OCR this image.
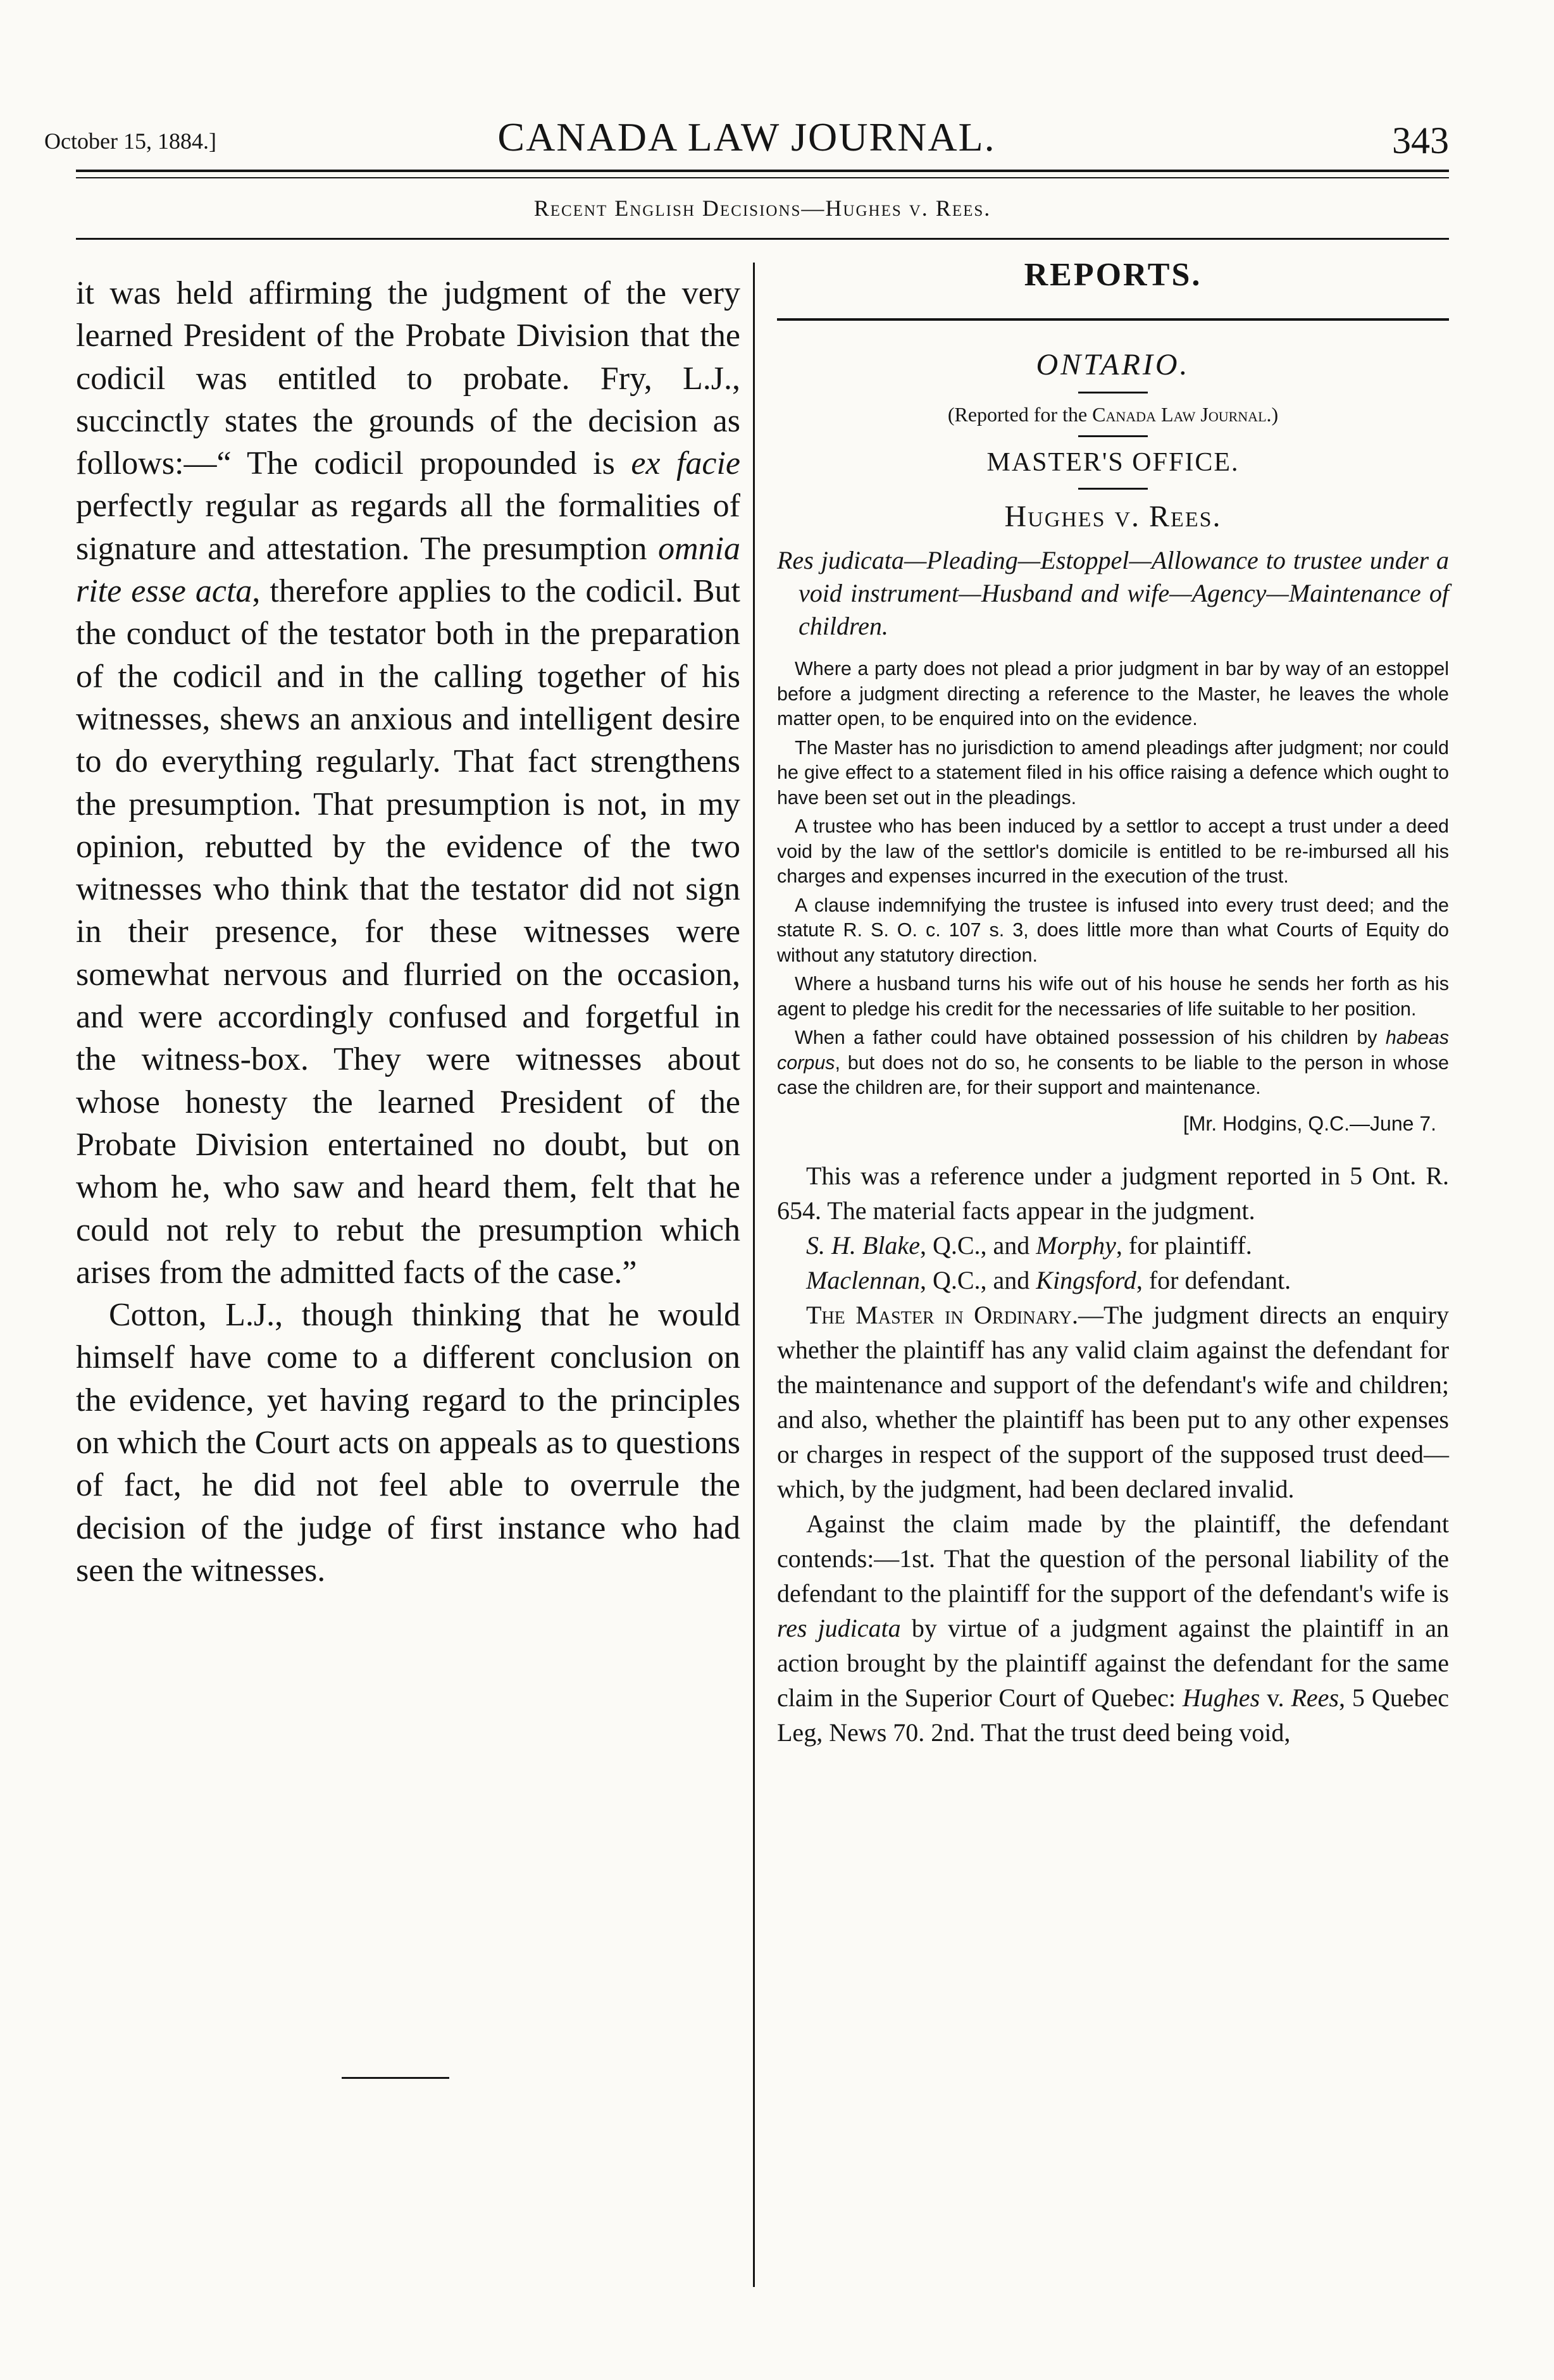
October 15, 1884.]	CANADA LAW JOURNAL.	343
Recent English Decisions—Hughes v. Rees.

it was held affirming the judgment of the very learned President of the Probate Division that the codicil was entitled to probate. Fry, L.J., succinctly states the grounds of the decision as follows:—“ The codicil propounded is ex facie perfectly regular as regards all the formalities of signature and attestation. The presumption omnia rite esse acta, therefore applies to the codicil. But the conduct of the testator both in the preparation of the codicil and in the calling together of his witnesses, shews an anxious and intelligent desire to do everything regularly. That fact strengthens the presumption. That presumption is not, in my opinion, rebutted by the evidence of the two witnesses who think that the testator did not sign in their presence, for these witnesses were somewhat nervous and flurried on the occasion, and were accordingly confused and forgetful in the witness-box. They were witnesses about whose honesty the learned President of the Probate Division entertained no doubt, but on whom he, who saw and heard them, felt that he could not rely to rebut the presumption which arises from the admitted facts of the case.”

Cotton, L.J., though thinking that he would himself have come to a different conclusion on the evidence, yet having regard to the principles on which the Court acts on appeals as to questions of fact, he did not feel able to overrule the decision of the judge of first instance who had seen the witnesses.

REPORTS.

ONTARIO.

(Reported for the Canada Law Journal.)

MASTER'S OFFICE.

Hughes v. Rees.

Res judicata—Pleading—Estoppel—Allowance to trustee under a void instrument—Husband and wife—Agency—Maintenance of children.

Where a party does not plead a prior judgment in bar by way of an estoppel before a judgment directing a reference to the Master, he leaves the whole matter open, to be enquired into on the evidence.

The Master has no jurisdiction to amend pleadings after judgment; nor could he give effect to a statement filed in his office raising a defence which ought to have been set out in the pleadings.

A trustee who has been induced by a settlor to accept a trust under a deed void by the law of the settlor's domicile is entitled to be re-imbursed all his charges and expenses incurred in the execution of the trust.

A clause indemnifying the trustee is infused into every trust deed; and the statute R. S. O. c. 107 s. 3, does little more than what Courts of Equity do without any statutory direction.

Where a husband turns his wife out of his house he sends her forth as his agent to pledge his credit for the necessaries of life suitable to her position.

When a father could have obtained possession of his children by habeas corpus, but does not do so, he consents to be liable to the person in whose case the children are, for their support and maintenance.

[Mr. Hodgins, Q.C.—June 7.

This was a reference under a judgment reported in 5 Ont. R. 654. The material facts appear in the judgment.

S. H. Blake, Q.C., and Morphy, for plaintiff.

Maclennan, Q.C., and Kingsford, for defendant.

The Master in Ordinary.—The judgment directs an enquiry whether the plaintiff has any valid claim against the defendant for the maintenance and support of the defendant's wife and children; and also, whether the plaintiff has been put to any other expenses or charges in respect of the support of the supposed trust deed—which, by the judgment, had been declared invalid.

Against the claim made by the plaintiff, the defendant contends:—1st. That the question of the personal liability of the defendant to the plaintiff for the support of the defendant's wife is res judicata by virtue of a judgment against the plaintiff in an action brought by the plaintiff against the defendant for the same claim in the Superior Court of Quebec: Hughes v. Rees, 5 Quebec Leg, News 70. 2nd. That the trust deed being void,
